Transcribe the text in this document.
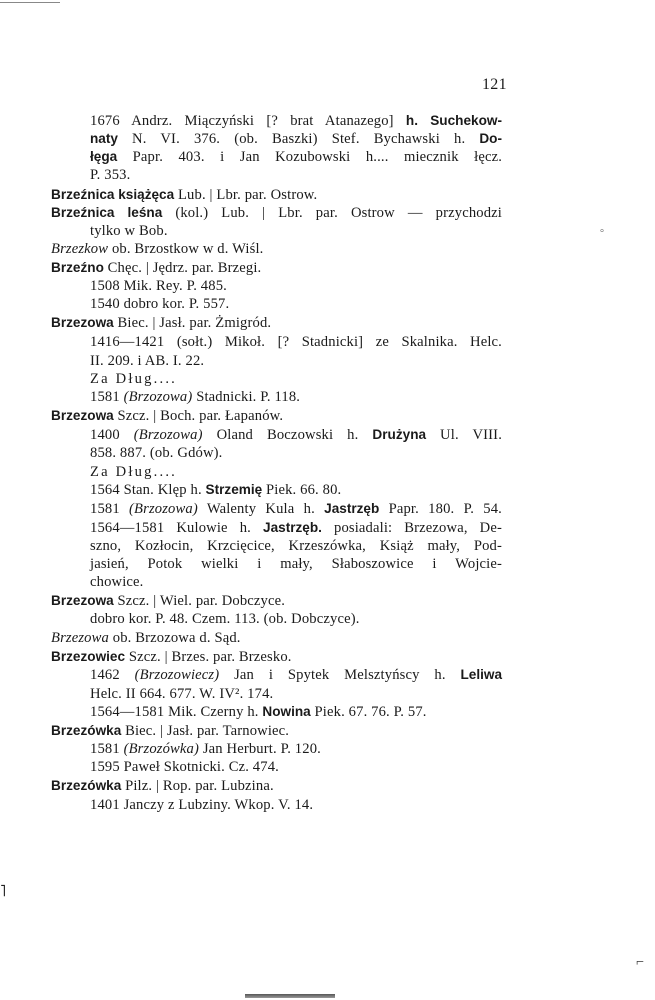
121
1676 Andrz. Miączyński [? brat Atanazego] h. Suchekow-
naty N. VI. 376. (ob. Baszki) Stef. Bychawski h. Do-
łęga Papr. 403. i Jan Kozubowski h.... miecznik łęcz.
P. 353.
Brzeźnica książęca Lub. | Lbr. par. Ostrow.
Brzeźnica leśna (kol.) Lub. | Lbr. par. Ostrow — przychodzi
tylko w Bob.
Brzezkow ob. Brzostkow w d. Wiśl.
Brzeźno Chęc. | Jędrz. par. Brzegi.
1508 Mik. Rey. P. 485.
1540 dobro kor. P. 557.
Brzezowa Biec. | Jasł. par. Żmigród.
1416—1421 (sołt.) Mikoł. [? Stadnicki] ze Skalnika. Helc.
II. 209. i AB. I. 22.
Za Dług....
1581 (Brzozowa) Stadnicki. P. 118.
Brzezowa Szcz. | Boch. par. Łapanów.
1400 (Brzozowa) Oland Boczowski h. Drużyna Ul. VIII.
858. 887. (ob. Gdów).
Za Dług....
1564 Stan. Klęp h. Strzemię Piek. 66. 80.
1581 (Brzozowa) Walenty Kula h. Jastrzęb Papr. 180. P. 54.
1564—1581 Kulowie h. Jastrzęb. posiadali: Brzezowa, De-
szno, Kozłocin, Krzcięcice, Krzeszówka, Książ mały, Pod-
jasień, Potok wielki i mały, Słaboszowice i Wojcie-
chowice.
Brzezowa Szcz. | Wiel. par. Dobczyce.
dobro kor. P. 48. Czem. 113. (ob. Dobczyce).
Brzezowa ob. Brzozowa d. Sąd.
Brzezowiec Szcz. | Brzes. par. Brzesko.
1462 (Brzozowiecz) Jan i Spytek Melsztyńscy h. Leliwa
Helc. II 664. 677. W. IV². 174.
1564—1581 Mik. Czerny h. Nowina Piek. 67. 76. P. 57.
Brzezówka Biec. | Jasł. par. Tarnowiec.
1581 (Brzozówka) Jan Herburt. P. 120.
1595 Paweł Skotnicki. Cz. 474.
Brzezówka Pilz. | Rop. par. Lubzina.
1401 Janczy z Lubziny. Wkop. V. 14.
°
˥
⌐
